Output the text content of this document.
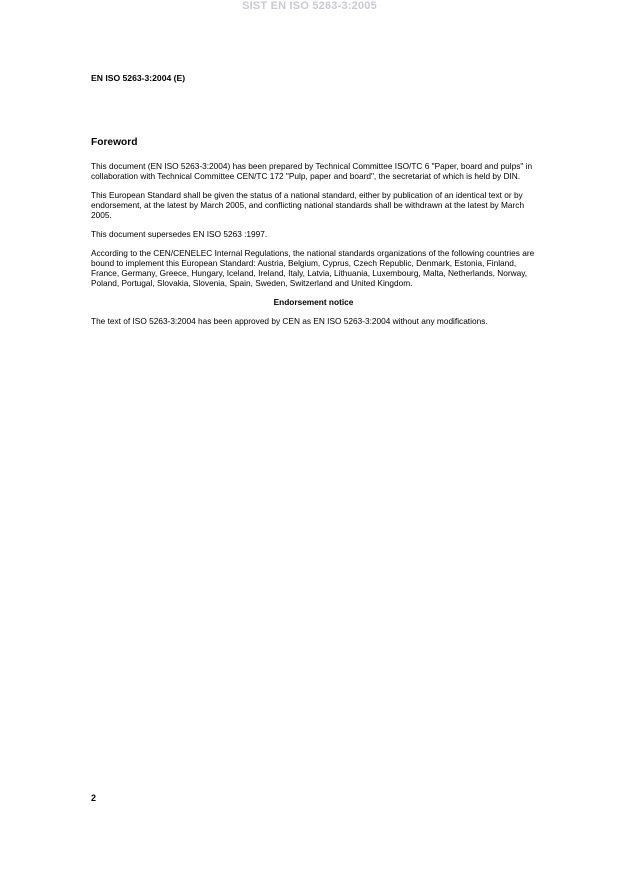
SIST EN ISO 5263-3:2005
EN ISO 5263-3:2004 (E)
Foreword

This document (EN ISO 5263-3:2004) has been prepared by Technical Committee ISO/TC 6 "Paper, board and pulps" in collaboration with Technical Committee CEN/TC 172 "Pulp, paper and board", the secretariat of which is held by DIN.

This European Standard shall be given the status of a national standard, either by publication of an identical text or by endorsement, at the latest by March 2005, and conflicting national standards shall be withdrawn at the latest by March 2005.

This document supersedes EN ISO 5263 :1997.

According to the CEN/CENELEC Internal Regulations, the national standards organizations of the following countries are bound to implement this European Standard: Austria, Belgium, Cyprus, Czech Republic, Denmark, Estonia, Finland, France, Germany, Greece, Hungary, Iceland, Ireland, Italy, Latvia, Lithuania, Luxembourg, Malta, Netherlands, Norway, Poland, Portugal, Slovakia, Slovenia, Spain, Sweden, Switzerland and United Kingdom.

Endorsement notice

The text of ISO 5263-3:2004 has been approved by CEN as EN ISO 5263-3:2004 without any modifications.

2
